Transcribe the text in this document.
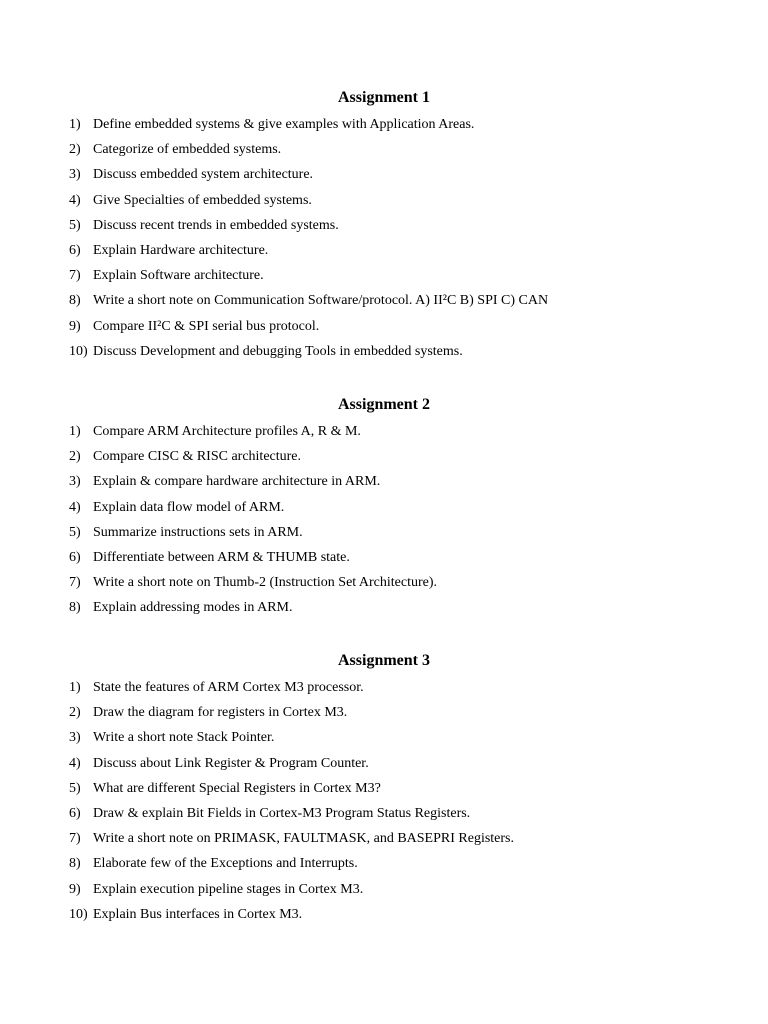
Assignment 1
1) Define embedded systems & give examples with Application Areas.
2) Categorize of embedded systems.
3) Discuss embedded system architecture.
4) Give Specialties of embedded systems.
5) Discuss recent trends in embedded systems.
6) Explain Hardware architecture.
7) Explain Software architecture.
8) Write a short note on Communication Software/protocol. A) II²C B) SPI C) CAN
9) Compare II²C & SPI serial bus protocol.
10) Discuss Development and debugging Tools in embedded systems.
Assignment 2
1) Compare ARM Architecture profiles A, R & M.
2) Compare CISC & RISC architecture.
3) Explain & compare hardware architecture in ARM.
4) Explain data flow model of ARM.
5) Summarize instructions sets in ARM.
6) Differentiate between ARM & THUMB state.
7) Write a short note on Thumb-2 (Instruction Set Architecture).
8) Explain addressing modes in ARM.
Assignment 3
1) State the features of ARM Cortex M3 processor.
2) Draw the diagram for registers in Cortex M3.
3) Write a short note Stack Pointer.
4) Discuss about Link Register & Program Counter.
5) What are different Special Registers in Cortex M3?
6) Draw & explain Bit Fields in Cortex-M3 Program Status Registers.
7) Write a short note on PRIMASK, FAULTMASK, and BASEPRI Registers.
8) Elaborate few of the Exceptions and Interrupts.
9) Explain execution pipeline stages in Cortex M3.
10) Explain Bus interfaces in Cortex M3.
